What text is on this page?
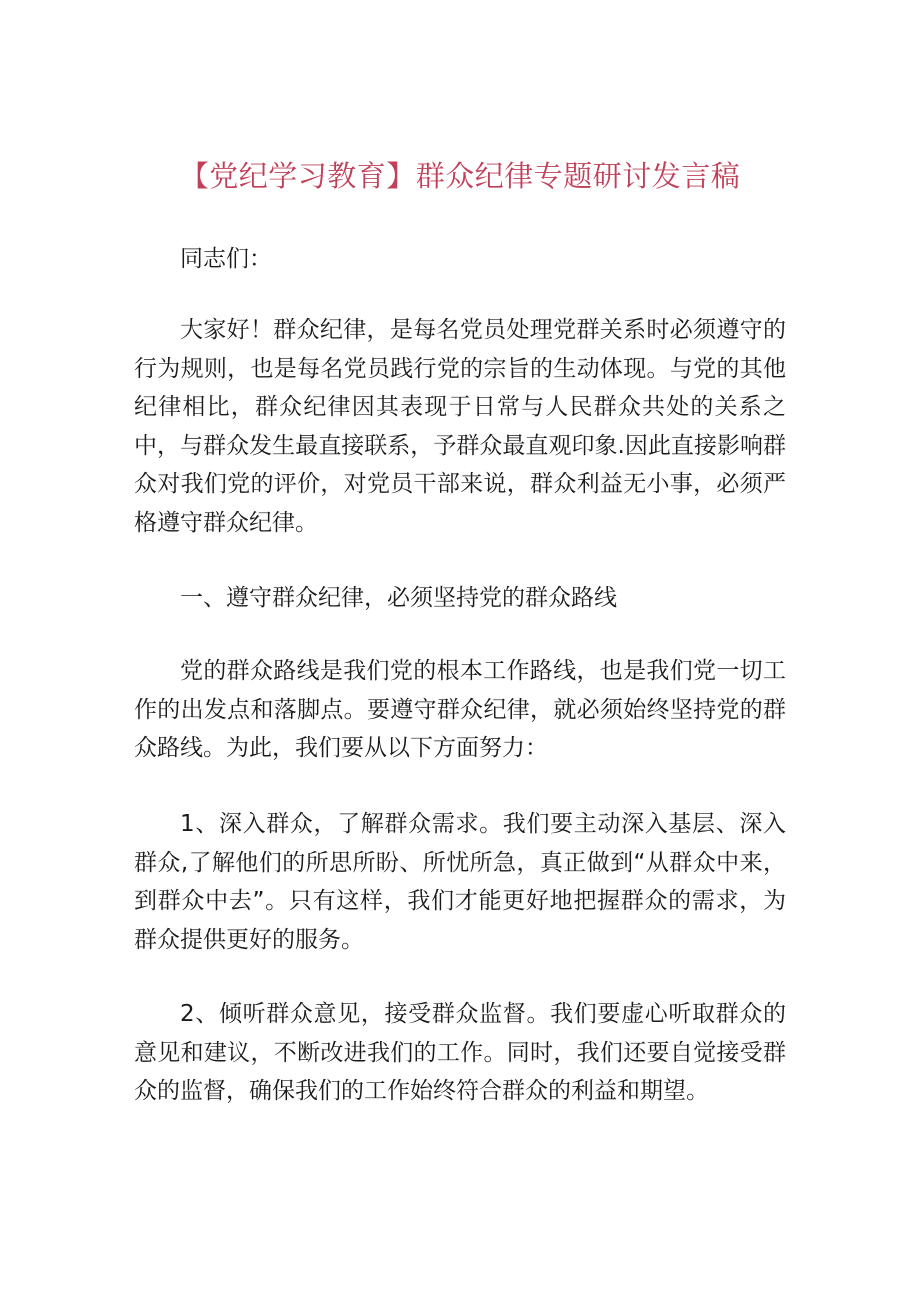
【党纪学习教育】群众纪律专题研讨发言稿

同志们：

大家好！群众纪律，是每名党员处理党群关系时必须遵守的行为规则，也是每名党员践行党的宗旨的生动体现。与党的其他纪律相比，群众纪律因其表现于日常与人民群众共处的关系之中，与群众发生最直接联系，予群众最直观印象.因此直接影响群众对我们党的评价，对党员干部来说，群众利益无小事，必须严格遵守群众纪律。

一、遵守群众纪律，必须坚持党的群众路线

党的群众路线是我们党的根本工作路线，也是我们党一切工作的出发点和落脚点。要遵守群众纪律，就必须始终坚持党的群众路线。为此，我们要从以下方面努力：

1、深入群众，了解群众需求。我们要主动深入基层、深入群众,了解他们的所思所盼、所忧所急，真正做到“从群众中来，到群众中去”。只有这样，我们才能更好地把握群众的需求，为群众提供更好的服务。

2、倾听群众意见，接受群众监督。我们要虚心听取群众的意见和建议，不断改进我们的工作。同时，我们还要自觉接受群众的监督，确保我们的工作始终符合群众的利益和期望。
